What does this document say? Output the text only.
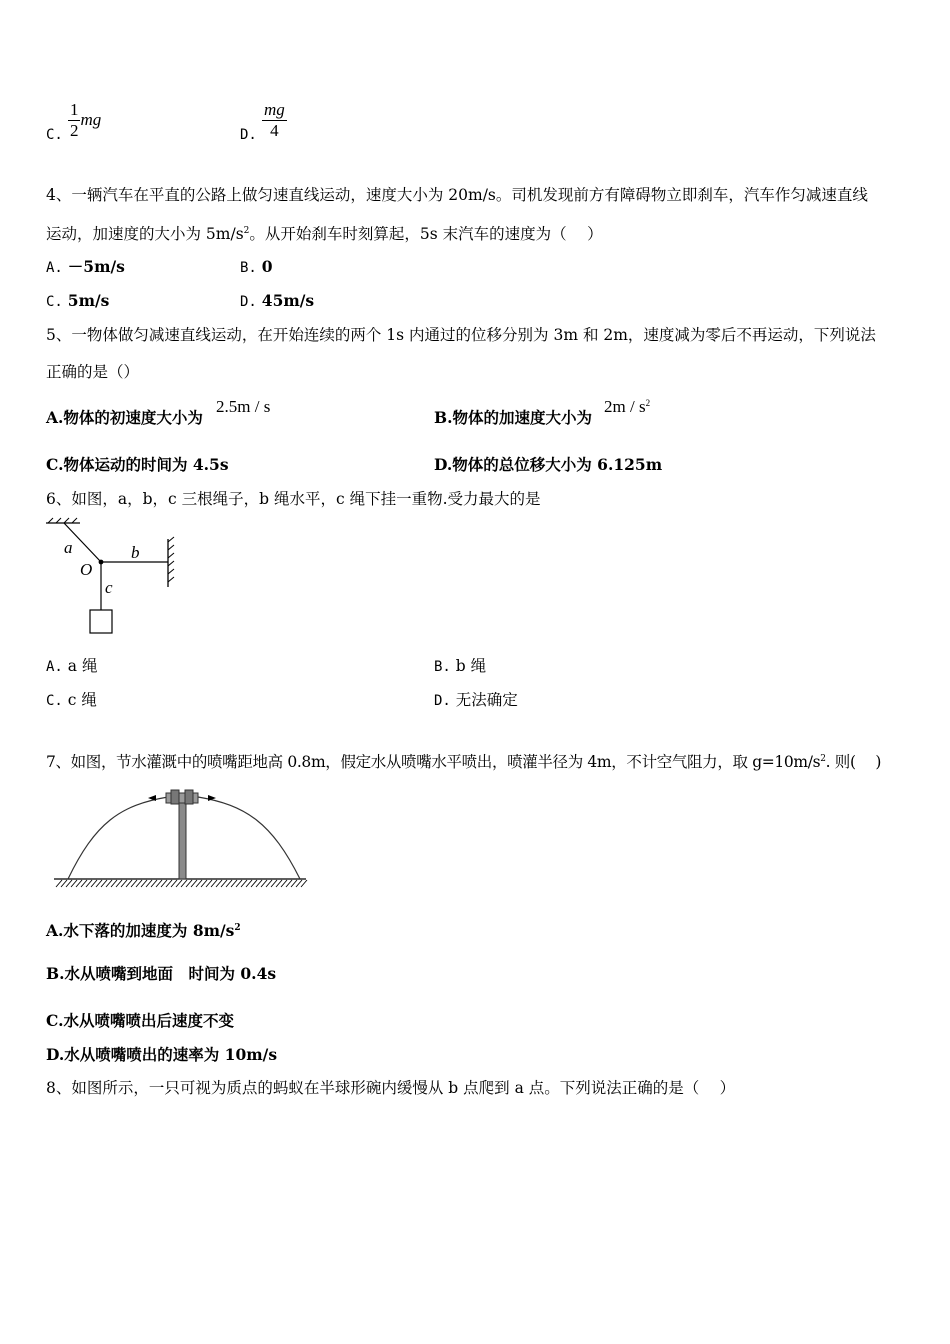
C. $\frac{1}{2}$ mg
D. $\frac{mg}{4}$
4、一辆汽车在平直的公路上做匀速直线运动，速度大小为 20m/s。司机发现前方有障碍物立即刹车，汽车作匀减速直线
运动，加速度的大小为 $5m/s^2$。从开始刹车时刻算起，5s 末汽车的速度为（　 ）
A. －5m/s	B. 0
C. 5m/s	D. 45m/s
5、一物体做匀减速直线运动，在开始连续的两个 1s 内通过的位移分别为 3m 和 2m，速度减为零后不再运动，下列说法
正确的是（）
A.物体的初速度大小为
2.5m / s
B.物体的加速度大小为
$2m / s^2$
C.物体运动的时间为 4.5s	D.物体的总位移大小为 6.125m
6、如图，a，b，c 三根绳子，b 绳水平，c 绳下挂一重物.受力最大的是
a	b
O
c
A. a 绳	B. b 绳
C. c 绳	D. 无法确定
7、如图，节水灌溉中的喷嘴距地高 0.8m，假定水从喷嘴水平喷出，喷灌半径为 4m，不计空气阻力，取 $g=10m/s^2$. 则(　 )
A.水下落的加速度为 $8m/s^2$
B.水从喷嘴到地面　时间为 0.4s
C.水从喷嘴喷出后速度不变
D.水从喷嘴喷出的速率为 10m/s
8、如图所示，一只可视为质点的蚂蚁在半球形碗内缓慢从 b 点爬到 a 点。下列说法正确的是（　 ）
